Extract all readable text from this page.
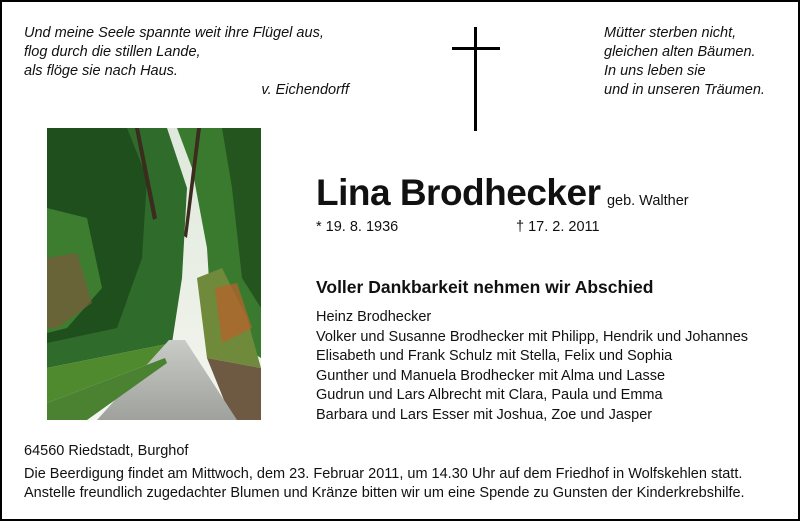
Und meine Seele spannte weit ihre Flügel aus,
flog durch die stillen Lande,
als flöge sie nach Haus.
v. Eichendorff
Mütter sterben nicht,
gleichen alten Bäumen.
In uns leben sie
und in unseren Träumen.
Lina Brodhecker geb. Walther
* 19. 8. 1936	† 17. 2. 2011
Voller Dankbarkeit nehmen wir Abschied
Heinz Brodhecker
Volker und Susanne Brodhecker mit Philipp, Hendrik und Johannes
Elisabeth und Frank Schulz mit Stella, Felix und Sophia
Gunther und Manuela Brodhecker mit Alma und Lasse
Gudrun und Lars Albrecht mit Clara, Paula und Emma
Barbara und Lars Esser mit Joshua, Zoe und Jasper
64560 Riedstadt, Burghof
Die Beerdigung findet am Mittwoch, dem 23. Februar 2011, um 14.30 Uhr auf dem Friedhof in Wolfskehlen statt.
Anstelle freundlich zugedachter Blumen und Kränze bitten wir um eine Spende zu Gunsten der Kinderkrebshilfe.
